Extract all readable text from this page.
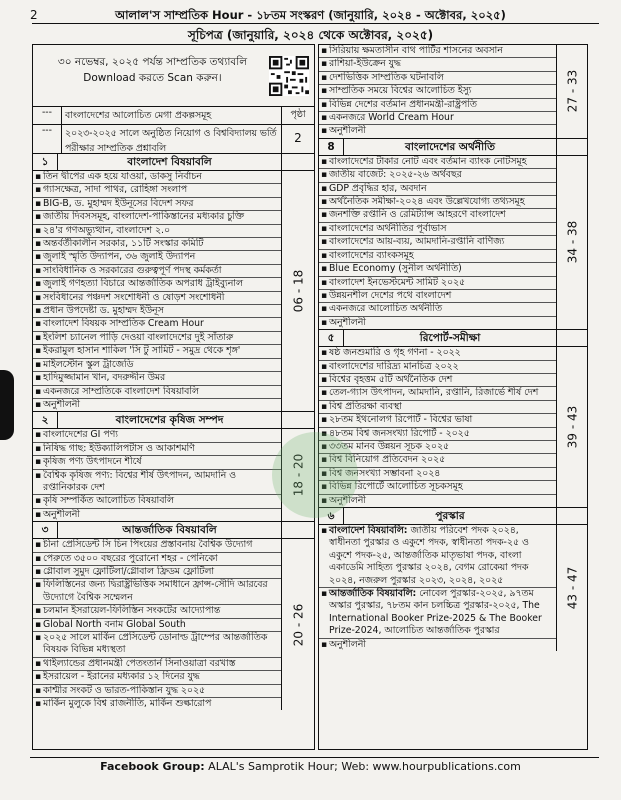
2	আলাল'স সাম্প্রতিক Hour - ১৮তম সংস্করণ (জানুয়ারি, ২০২৪ - অক্টোবর, ২০২৫)
সূচিপত্র (জানুয়ারি, ২০২৪ থেকে অক্টোবর, ২০২৫)
৩০ নভেম্বর, ২০২৫ পর্যন্ত সাম্প্রতিক তথ্যাবলি
Download করতে Scan করুন।
---	বাংলাদেশের আলোচিত মেগা প্রকল্পসমূহ	পৃষ্ঠা
---	২০২৩-২০২৫ সালে অনুষ্ঠিত নিয়োগ ও বিশ্ববিদ্যালয় ভর্তি পরীক্ষার সাম্প্রতিক প্রশ্নাবলি
2
১	বাংলাদেশ বিষয়াবলি
▪ তিন দ্বীপের এক হয়ে যাওয়া, ডাকসু নির্বাচন
▪ গ্যাসক্ষেত্র, সাদা পাথর, রোহিঙ্গা সংলাপ
▪ BIG-B, ড. মুহাম্মদ ইউনূসের বিদেশ সফর
▪ জাতীয় দিবসসমূহ, বাংলাদেশ-পাকিস্তানের মধ্যকার চুক্তি
▪ ২৪'র গণঅভ্যুত্থান, বাংলাদেশ ২.০
▪ অন্তর্বর্তীকালীন সরকার, ১১টি সংস্কার কমিটি
▪ জুলাই স্মৃতি উদ্যাপন, ৩৬ জুলাই উদ্যাপন
▪ সাংবিধানিক ও সরকারের গুরুত্বপূর্ণ পদস্থ কর্মকর্তা
▪ জুলাই গণহত্যা বিচারে আন্তর্জাতিক অপরাধ ট্রাইব্যুনাল
▪ সংবিধানের পঞ্চদশ সংশোধনী ও ষোড়শ সংশোধনী
▪ প্রধান উপদেষ্টা ড. মুহাম্মদ ইউনূস
▪ বাংলাদেশ বিষয়ক সাম্প্রতিক Cream Hour
▪ ইংলিশ চ্যানেল পাড়ি দেওয়া বাংলাদেশের দুই সাঁতারু
▪ ইকরামুল হাসান শাকিল 'সি টু সামিট - সমুদ্র থেকে শৃঙ্গ'
▪ মাইলস্টোন স্কুল ট্রাজেডি
▪ হাদিমুজ্জামান খান, বদরুদ্দীন উমর
▪ একনজরে সাম্প্রতিকে বাংলাদেশ বিষয়াবলি
▪ অনুশীলনী
06 - 18
২	বাংলাদেশের কৃষিজ সম্পদ
▪ বাংলাদেশের GI পণ্য
▪ নিষিদ্ধ গাছ: ইউক্যালিপটাস ও আকাশমণি
▪ কৃষিজ পণ্য উৎপাদনে শীর্ষে
▪ বৈশ্বিক কৃষিজ পণ্য: বিশ্বের শীর্ষ উৎপাদন, আমদানি ও রপ্তানিকারক দেশ
▪ কৃষি সম্পর্কিত আলোচিত বিষয়াবলি
▪ অনুশীলনী
18 - 20
৩	আন্তর্জাতিক বিষয়াবলি
▪ চীনা প্রেসিডেন্ট সি চিন পিংয়ের প্রস্তাবনায় বৈশ্বিক উদ্যোগ
▪ পেরুতে ৩৫০০ বছরের পুরোনো শহর - পেনিকো
▪ গ্লোবাল সুমুদ ফ্লোটিলা/গ্লোবাল ফ্রিডম ফ্লোটিলা
▪ ফিলিস্তিনের জন্য দ্বিরাষ্ট্রভিত্তিক সমাধানে ফ্রান্স-সৌদি আরবের উদ্যোগে বৈশ্বিক সম্মেলন
▪ চলমান ইসরায়েল-ফিলিস্তিন সংকটের আদ্যোপান্ত
▪ Global North বনাম Global South
▪ ২০২৫ সালে মার্কিন প্রেসিডেন্ট ডোনাল্ড ট্রাম্পের আন্তর্জাতিক বিষয়ক বিভিন্ন মধ্যস্থতা
▪ থাইল্যান্ডের প্রধানমন্ত্রী পেতংতার্ন সিনাওয়াত্রা বরখাস্ত
▪ ইসরায়েল - ইরানের মধ্যকার ১২ দিনের যুদ্ধ
▪ কাশ্মীর সংকট ও ভারত-পাকিস্তান যুদ্ধ ২০২৫
▪ মার্কিন মুলুকে বিশ্ব রাজনীতি, মার্কিন শুল্কারোপ
20 - 26
▪ সিরিয়ায় ক্ষমতাসীন বাথ পার্টির শাসনের অবসান
▪ রাশিয়া-ইউক্রেন যুদ্ধ
▪ দেশভিত্তিক সাম্প্রতিক ঘটনাবলি
▪ সাম্প্রতিক সময়ে বিশ্বের আলোচিত ইস্যু
▪ বিভিন্ন দেশের বর্তমান প্রধানমন্ত্রী-রাষ্ট্রপতি
▪ একনজরে World Cream Hour
▪ অনুশীলনী
27 - 33
8	বাংলাদেশের অর্থনীতি
▪ বাংলাদেশের টাকার নোট এবং বর্তমান ব্যাংক নোটসমূহ
▪ জাতীয় বাজেট: ২০২৫-২৬ অর্থবছর
▪ GDP প্রবৃদ্ধির হার, অবদান
▪ অর্থনৈতিক সমীক্ষা-২০২৪ এবং উল্লেখযোগ্য তথ্যসমূহ
▪ জনশক্তি রপ্তানি ও রেমিট্যান্স আহরণে বাংলাদেশ
▪ বাংলাদেশের অর্থনীতির পূর্বাভাস
▪ বাংলাদেশের আয়-ব্যয়, আমদানি-রপ্তানি বাণিজ্য
▪ বাংলাদেশের ব্যাংকসমূহ
▪ Blue Economy (সুনীল অর্থনীতি)
▪ বাংলাদেশ ইনভেস্টমেন্ট সামিট ২০২৫
▪ উন্নয়নশীল দেশের পথে বাংলাদেশ
▪ একনজরে আলোচিত অর্থনীতি
▪ অনুশীলনী
34 - 38
৫	রিপোর্ট-সমীক্ষা
▪ ষষ্ঠ জনশুমারি ও গৃহ গণনা - ২০২২
▪ বাংলাদেশের দারিদ্র্য মানচিত্র ২০২২
▪ বিশ্বের বৃহত্তম ৫টি অর্থনৈতিক দেশ
▪ তেল-গ্যাস উৎপাদন, আমদানি, রপ্তানি, রিজার্ভে শীর্ষ দেশ
▪ বিশ্ব প্রতিরক্ষা ব্যবস্থা
▪ ২৮তম ইথনোলগ রিপোর্ট - বিশ্বের ভাষা
▪ ৪৮তম বিশ্ব জনসংখ্যা রিপোর্ট - ২০২৫
▪ ৩৩তম মানব উন্নয়ন সূচক ২০২৫
▪ বিশ্ব বিনিয়োগ প্রতিবেদন ২০২৫
▪ বিশ্ব জনসংখ্যা সম্ভাবনা ২০২৪
▪ বিভিন্ন রিপোর্টে আলোচিত সূচকসমূহ
▪ অনুশীলনী
39 - 43
৬	পুরস্কার
▪ বাংলাদেশ বিষয়াবলি: জাতীয় পরিবেশ পদক ২০২৪, স্বাধীনতা পুরস্কার ও একুশে পদক, স্বাধীনতা পদক-২৫ ও একুশে পদক-২৫, আন্তর্জাতিক মাতৃভাষা পদক, বাংলা একাডেমি সাহিত্য পুরস্কার ২০২৪, বেগম রোকেয়া পদক ২০২৪, নজরুল পুরস্কার ২০২৩, ২০২৪, ২০২৫
▪ আন্তর্জাতিক বিষয়াবলি: নোবেল পুরস্কার-২০২৫, ৯৭তম অস্কার পুরস্কার, ৭৮তম কান চলচ্চিত্র পুরস্কার-২০২৫, The International Booker Prize-2025 & The Booker Prize-2024, আলোচিত আন্তর্জাতিক পুরস্কার
▪ অনুশীলনী
43 - 47
Facebook Group: ALAL's Samprotik Hour; Web: www.hourpublications.com
